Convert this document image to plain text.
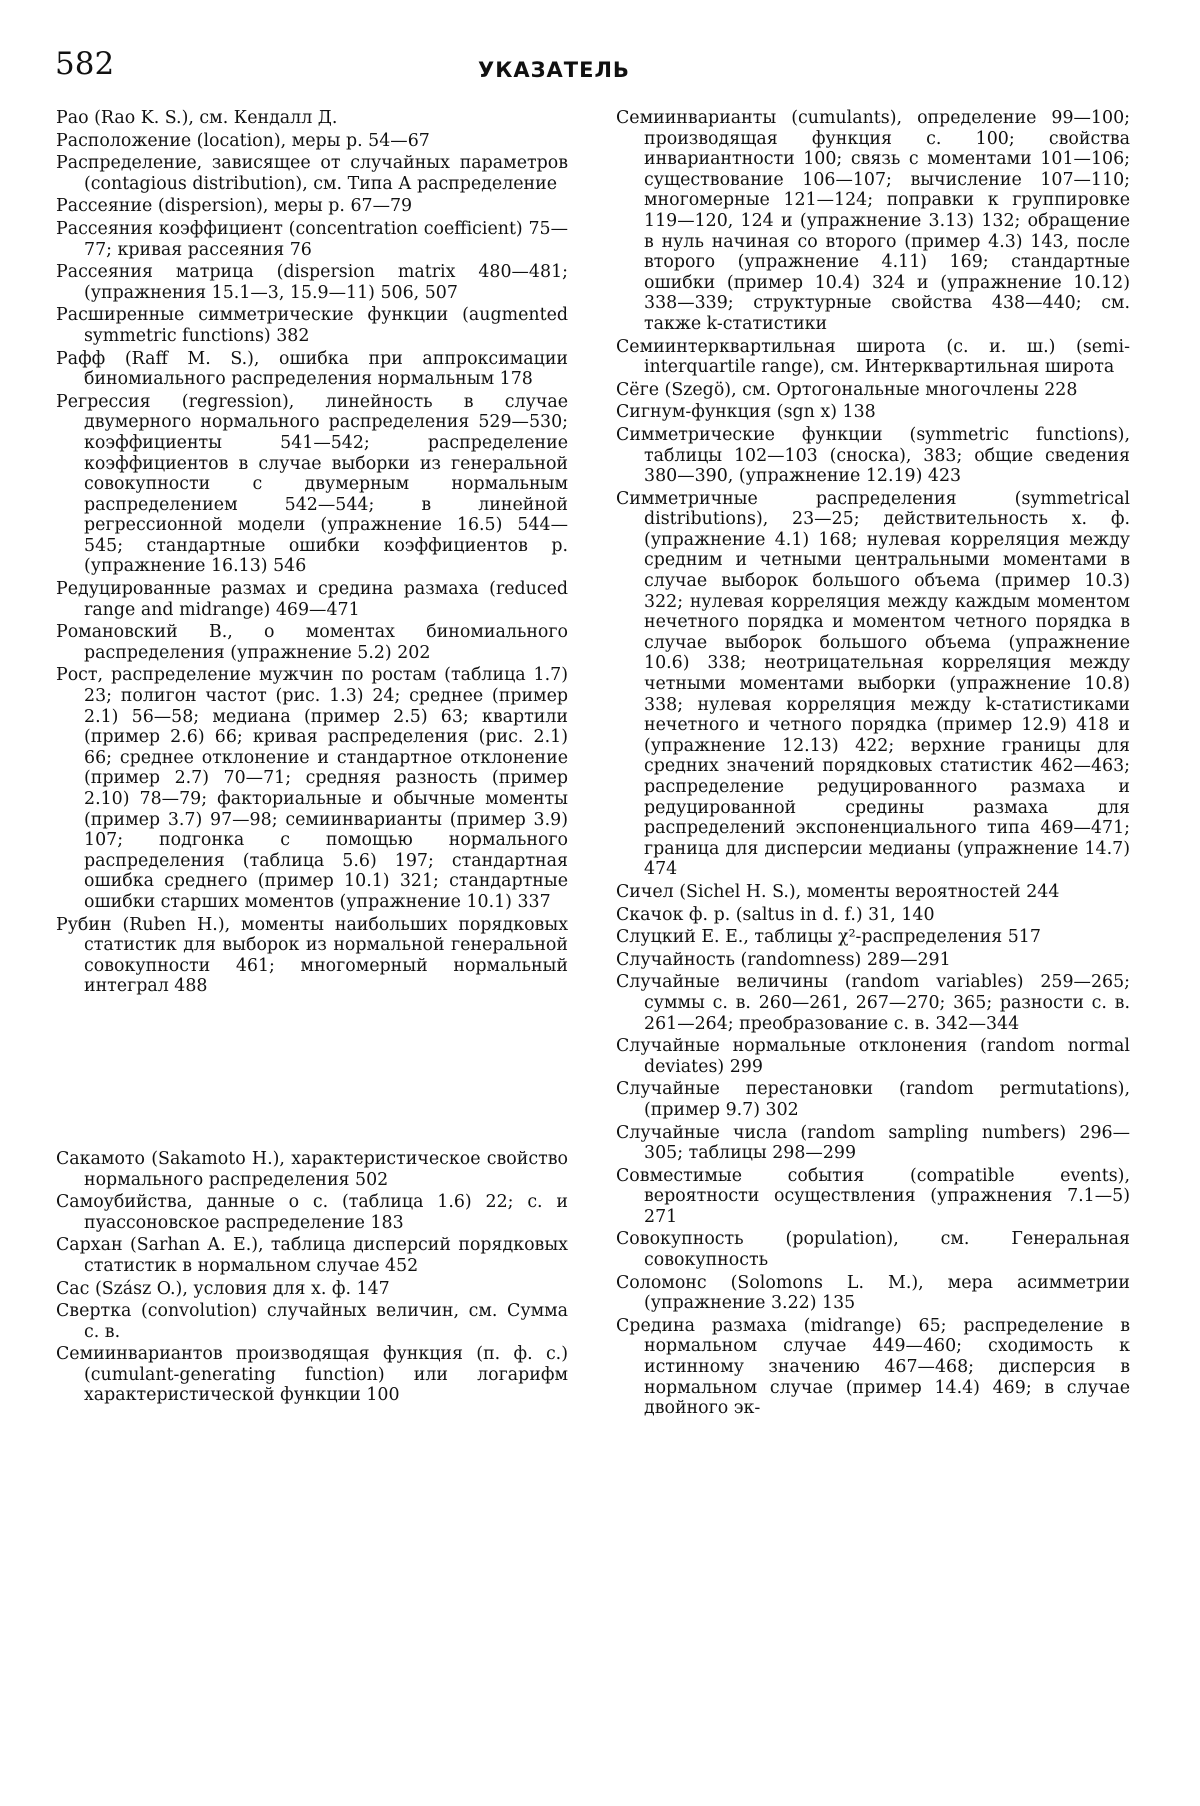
582	УКАЗАТЕЛЬ
Рао (Rao K. S.), см. Кендалл Д.
Расположение (location), меры р. 54—67
Распределение, зависящее от случайных параметров (contagious distribution), см. Типа А распределение
Рассеяние (dispersion), меры р. 67—79
Рассеяния коэффициент (concentration coefficient) 75—77; кривая рассеяния 76
Рассеяния матрица (dispersion matrix 480—481; (упражнения 15.1—3, 15.9—11) 506, 507
Расширенные симметрические функции (augmented symmetric functions) 382
Рафф (Raff M. S.), ошибка при аппроксимации биномиального распределения нормальным 178
Регрессия (regression), линейность в случае двумерного нормального распределения 529—530; коэффициенты 541—542; распределение коэффициентов в случае выборки из генеральной совокупности с двумерным нормальным распределением 542—544; в линейной регрессионной модели (упражнение 16.5) 544—545; стандартные ошибки коэффициентов р. (упражнение 16.13) 546
Редуцированные размах и средина размаха (reduced range and midrange) 469—471
Романовский В., о моментах биномиального распределения (упражнение 5.2) 202
Рост, распределение мужчин по ростам (таблица 1.7) 23; полигон частот (рис. 1.3) 24; среднее (пример 2.1) 56—58; медиана (пример 2.5) 63; квартили (пример 2.6) 66; кривая распределения (рис. 2.1) 66; среднее отклонение и стандартное отклонение (пример 2.7) 70—71; средняя разность (пример 2.10) 78—79; факториальные и обычные моменты (пример 3.7) 97—98; семиинварианты (пример 3.9) 107; подгонка с помощью нормального распределения (таблица 5.6) 197; стандартная ошибка среднего (пример 10.1) 321; стандартные ошибки старших моментов (упражнение 10.1) 337
Рубин (Ruben H.), моменты наибольших порядковых статистик для выборок из нормальной генеральной совокупности 461; многомерный нормальный интеграл 488
Сакамото (Sakamoto H.), характеристическое свойство нормального распределения 502
Самоубийства, данные о с. (таблица 1.6) 22; с. и пуассоновское распределение 183
Сархан (Sarhan A. E.), таблица дисперсий порядковых статистик в нормальном случае 452
Сас (Szász O.), условия для х. ф. 147
Свертка (convolution) случайных величин, см. Сумма с. в.
Семиинвариантов производящая функция (п. ф. с.) (cumulant-generating function) или логарифм характеристической функции 100
Семиинварианты (cumulants), определение 99—100; производящая функция с. 100; свойства инвариантности 100; связь с моментами 101—106; существование 106—107; вычисление 107—110; многомерные 121—124; поправки к группировке 119—120, 124 и (упражнение 3.13) 132; обращение в нуль начиная со второго (пример 4.3) 143, после второго (упражнение 4.11) 169; стандартные ошибки (пример 10.4) 324 и (упражнение 10.12) 338—339; структурные свойства 438—440; см. также k-статистики
Семиинтерквартильная широта (с. и. ш.) (semi-interquartile range), см. Интерквартильная широта
Сёге (Szegö), см. Ортогональные многочлены 228
Сигнум-функция (sgn x) 138
Симметрические функции (symmetric functions), таблицы 102—103 (сноска), 383; общие сведения 380—390, (упражнение 12.19) 423
Симметричные распределения (symmetrical distributions), 23—25; действительность х. ф. (упражнение 4.1) 168; нулевая корреляция между средним и четными центральными моментами в случае выборок большого объема (пример 10.3) 322; нулевая корреляция между каждым моментом нечетного порядка и моментом четного порядка в случае выборок большого объема (упражнение 10.6) 338; неотрицательная корреляция между четными моментами выборки (упражнение 10.8) 338; нулевая корреляция между k-статистиками нечетного и четного порядка (пример 12.9) 418 и (упражнение 12.13) 422; верхние границы для средних значений порядковых статистик 462—463; распределение редуцированного размаха и редуцированной средины размаха для распределений экспоненциального типа 469—471; граница для дисперсии медианы (упражнение 14.7) 474
Сичел (Sichel H. S.), моменты вероятностей 244
Скачок ф. р. (saltus in d. f.) 31, 140
Слуцкий Е. Е., таблицы χ²-распределения 517
Случайность (randomness) 289—291
Случайные величины (random variables) 259—265; суммы с. в. 260—261, 267—270; 365; разности с. в. 261—264; преобразование с. в. 342—344
Случайные нормальные отклонения (random normal deviates) 299
Случайные перестановки (random permutations), (пример 9.7) 302
Случайные числа (random sampling numbers) 296—305; таблицы 298—299
Совместимые события (compatible events), вероятности осуществления (упражнения 7.1—5) 271
Совокупность (population), см. Генеральная совокупность
Соломонс (Solomons L. M.), мера асимметрии (упражнение 3.22) 135
Средина размаха (midrange) 65; распределение в нормальном случае 449—460; сходимость к истинному значению 467—468; дисперсия в нормальном случае (пример 14.4) 469; в случае двойного эк-
